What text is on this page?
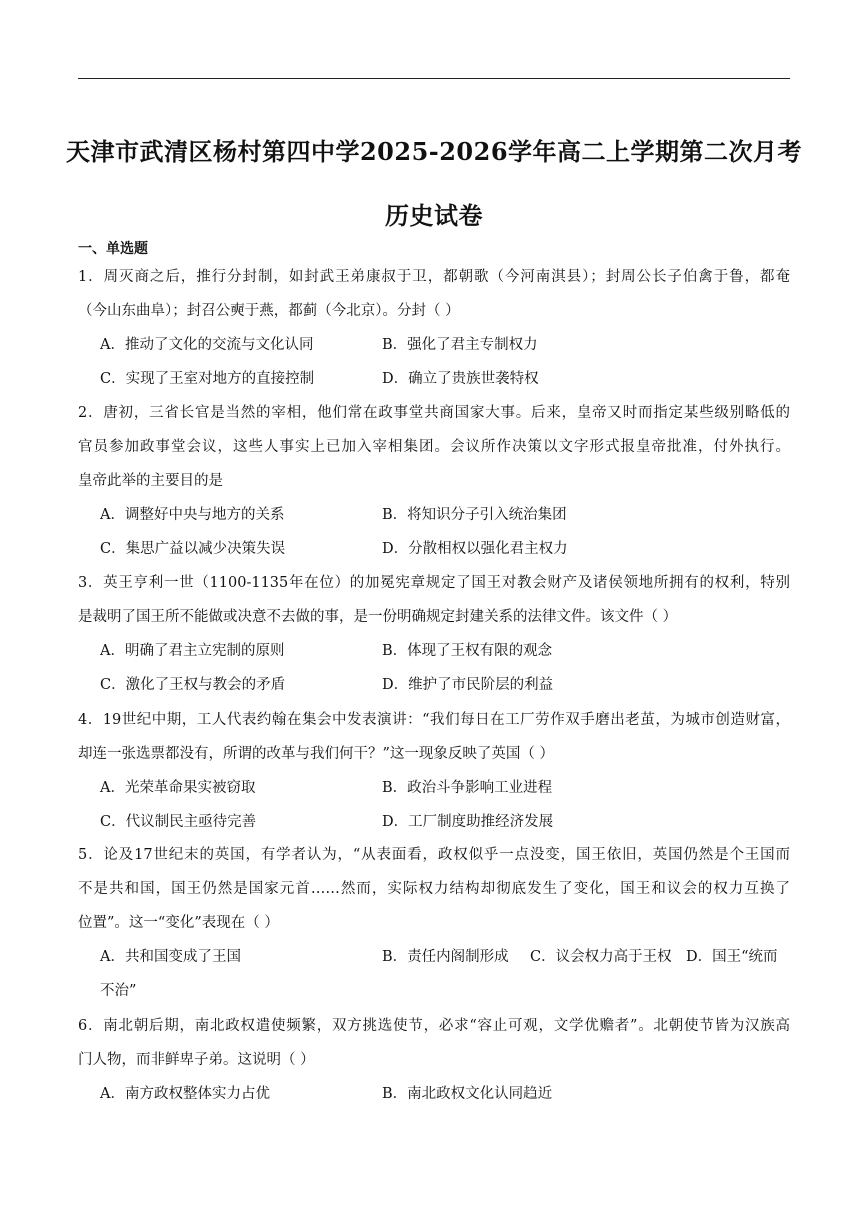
天津市武清区杨村第四中学2025-2026学年高二上学期第二次月考
历史试卷
一、单选题
1．周灭商之后，推行分封制，如封武王弟康叔于卫，都朝歌（今河南淇县）；封周公长子伯禽于鲁，都奄
（今山东曲阜）；封召公奭于燕，都蓟（今北京）。分封（ ）
A．推动了文化的交流与文化认同	B．强化了君主专制权力
C．实现了王室对地方的直接控制	D．确立了贵族世袭特权
2．唐初，三省长官是当然的宰相，他们常在政事堂共商国家大事。后来，皇帝又时而指定某些级别略低的
官员参加政事堂会议，这些人事实上已加入宰相集团。会议所作决策以文字形式报皇帝批准，付外执行。
皇帝此举的主要目的是
A．调整好中央与地方的关系	B．将知识分子引入统治集团
C．集思广益以减少决策失误	D．分散相权以强化君主权力
3．英王亨利一世（1100-1135年在位）的加冕宪章规定了国王对教会财产及诸侯领地所拥有的权利，特别
是裁明了国王所不能做或决意不去做的事，是一份明确规定封建关系的法律文件。该文件（ ）
A．明确了君主立宪制的原则	B．体现了王权有限的观念
C．激化了王权与教会的矛盾	D．维护了市民阶层的利益
4．19世纪中期，工人代表约翰在集会中发表演讲：“我们每日在工厂劳作双手磨出老茧，为城市创造财富，
却连一张选票都没有，所谓的改革与我们何干？”这一现象反映了英国（ ）
A．光荣革命果实被窃取	B．政治斗争影响工业进程
C．代议制民主亟待完善	D．工厂制度助推经济发展
5．论及17世纪末的英国，有学者认为，“从表面看，政权似乎一点没变，国王依旧，英国仍然是个王国而
不是共和国，国王仍然是国家元首……然而，实际权力结构却彻底发生了变化，国王和议会的权力互换了
位置”。这一“变化”表现在（ ）
A．共和国变成了王国	B．责任内阁制形成 C．议会权力高于王权 D．国王“统而
不治”
6．南北朝后期，南北政权遣使频繁，双方挑选使节，必求“容止可观，文学优赡者”。北朝使节皆为汉族高
门人物，而非鲜卑子弟。这说明（ ）
A．南方政权整体实力占优	B．南北政权文化认同趋近
